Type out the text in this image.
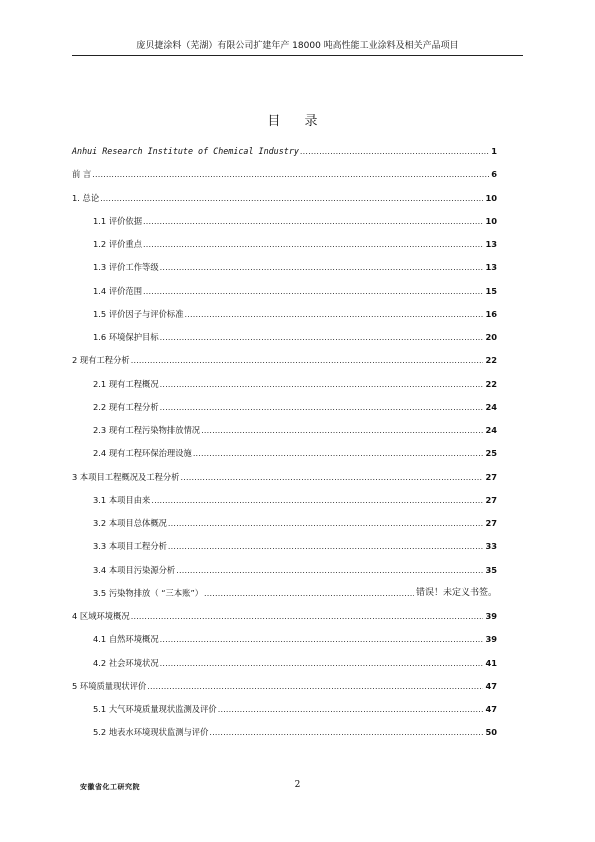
庞贝捷涂料（芜湖）有限公司扩建年产 18000 吨高性能工业涂料及相关产品项目
目 录
Anhui Research Institute of Chemical Industry .....	1
前 言 .....	6
1. 总论 .....	10
1.1 评价依据 .....	10
1.2 评价重点 .....	13
1.3 评价工作等级 .....	13
1.4 评价范围 .....	15
1.5 评价因子与评价标准 .....	16
1.6 环境保护目标 .....	20
2 现有工程分析 .....	22
2.1 现有工程概况 .....	22
2.2 现有工程分析 .....	24
2.3 现有工程污染物排放情况 .....	24
2.4 现有工程环保治理设施 .....	25
3 本项目工程概况及工程分析 .....	27
3.1 本项目由来 .....	27
3.2 本项目总体概况 .....	27
3.3 本项目工程分析 .....	33
3.4 本项目污染源分析 .....	35
3.5 污染物排放（ “三本账”） .....	错误！未定义书签。
4 区域环境概况 .....	39
4.1 自然环境概况 .....	39
4.2 社会环境状况 .....	41
5 环境质量现状评价 .....	47
5.1 大气环境质量现状监测及评价 .....	47
5.2 地表水环境现状监测与评价 .....	50
安徽省化工研究院	2
